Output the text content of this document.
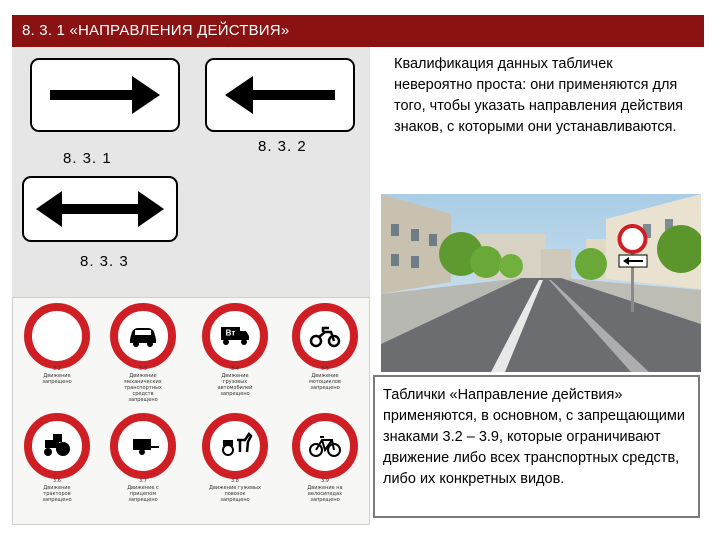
8. 3. 1 «НАПРАВЛЕНИЯ ДЕЙСТВИЯ»
8. 3. 1
8. 3. 2
8. 3. 3
Квалификация данных табличек невероятно проста: они применяются для того, чтобы указать направления действия знаков, с которыми они устанавливаются.
Таблички «Направление действия» применяются, в основном, с запрещающими знаками 3.2 – 3.9, которые ограничивают движение либо всех транспортных средств, либо их конкретных видов.
3.2
Движение
запрещено
3.3
Движение
механических
транспортных
средств
запрещено
Bт
3.4
Движение
грузовых
автомобилей
запрещено
3.5
Движение
мотоциклов
запрещено
3.6
Движение
тракторов
запрещено
3.7
Движение с
прицепом
запрещено
3.8
Движение гужевых
повозок
запрещено
3.9
Движение на
велосипедах
запрещено
